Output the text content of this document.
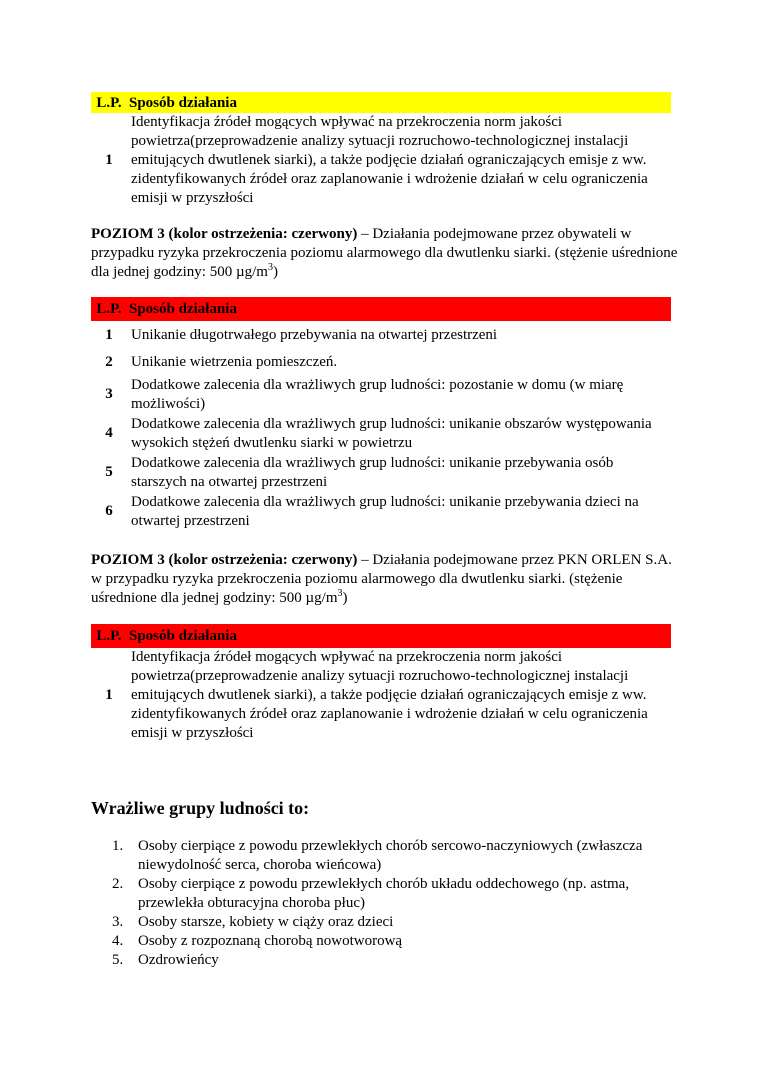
L.P.	Sposób działania
1	Identyfikacja źródeł mogących wpływać na przekroczenia norm jakości powietrza(przeprowadzenie analizy sytuacji rozruchowo-technologicznej instalacji emitujących dwutlenek siarki), a także podjęcie działań ograniczających emisje z ww. zidentyfikowanych źródeł oraz zaplanowanie i wdrożenie działań w celu ograniczenia emisji w przyszłości

POZIOM 3 (kolor ostrzeżenia: czerwony) – Działania podejmowane przez obywateli w przypadku ryzyka przekroczenia poziomu alarmowego dla dwutlenku siarki. (stężenie uśrednione dla jednej godziny: 500 $\mu g/m^3$)

L.P.	Sposób działania
1	Unikanie długotrwałego przebywania na otwartej przestrzeni
2	Unikanie wietrzenia pomieszczeń.
3	Dodatkowe zalecenia dla wrażliwych grup ludności: pozostanie w domu (w miarę możliwości)
4	Dodatkowe zalecenia dla wrażliwych grup ludności: unikanie obszarów występowania wysokich stężeń dwutlenku siarki w powietrzu
5	Dodatkowe zalecenia dla wrażliwych grup ludności: unikanie przebywania osób starszych na otwartej przestrzeni
6	Dodatkowe zalecenia dla wrażliwych grup ludności: unikanie przebywania dzieci na otwartej przestrzeni

POZIOM 3 (kolor ostrzeżenia: czerwony) – Działania podejmowane przez PKN ORLEN S.A. w przypadku ryzyka przekroczenia poziomu alarmowego dla dwutlenku siarki. (stężenie uśrednione dla jednej godziny: 500 $\mu g/m^3$)

L.P.	Sposób działania
1	Identyfikacja źródeł mogących wpływać na przekroczenia norm jakości powietrza(przeprowadzenie analizy sytuacji rozruchowo-technologicznej instalacji emitujących dwutlenek siarki), a także podjęcie działań ograniczających emisje z ww. zidentyfikowanych źródeł oraz zaplanowanie i wdrożenie działań w celu ograniczenia emisji w przyszłości
Wrażliwe grupy ludności to:
1. Osoby cierpiące z powodu przewlekłych chorób sercowo-naczyniowych (zwłaszcza niewydolność serca, choroba wieńcowa)
2. Osoby cierpiące z powodu przewlekłych chorób układu oddechowego (np. astma, przewlekła obturacyjna choroba płuc)
3. Osoby starsze, kobiety w ciąży oraz dzieci
4. Osoby z rozpoznaną chorobą nowotworową
5. Ozdrowieńcy
